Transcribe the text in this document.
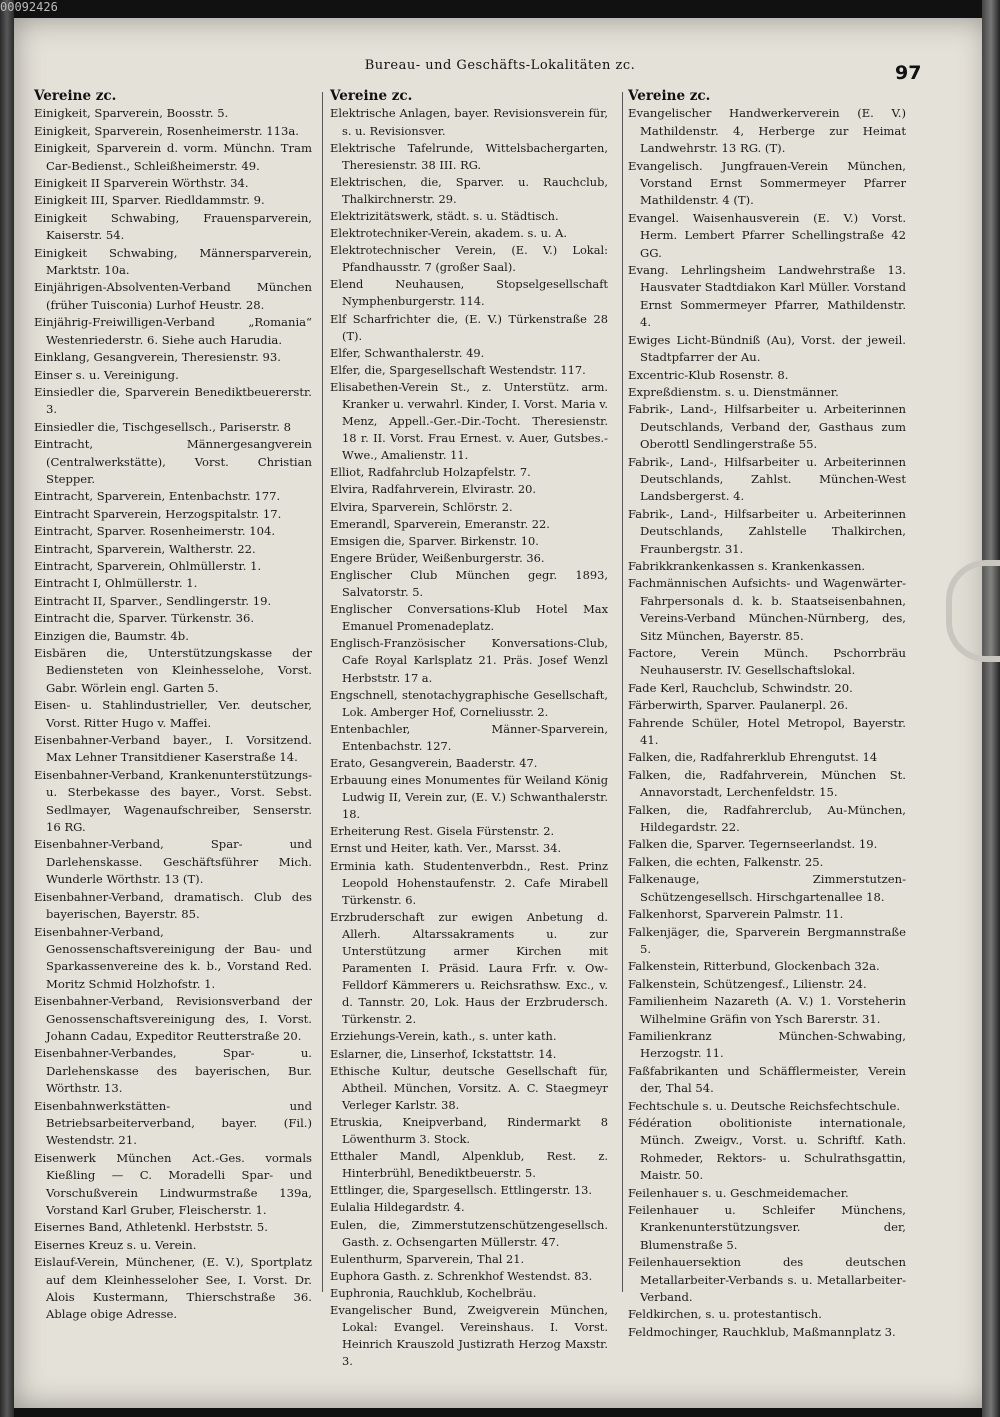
00092426
Bureau- und Geschäfts-Lokalitäten zc.	97
Vereine zc.
Einigkeit, Sparverein, Boosstr. 5.
Einigkeit, Sparverein, Rosenheimerstr. 113a.
Einigkeit, Sparverein d. vorm. Münchn. Tram Car-Bedienst., Schleißheimerstr. 49.
Einigkeit II Sparverein Wörthstr. 34.
Einigkeit III, Sparver. Riedldammstr. 9.
Einigkeit Schwabing, Frauensparverein, Kaiserstr. 54.
Einigkeit Schwabing, Männersparverein, Marktstr. 10a.
Einjährigen-Absolventen-Verband München (früher Tuisconia) Lurhof Heustr. 28.
Einjährig-Freiwilligen-Verband „Romania“ Westenriederstr. 6. Siehe auch Harudia.
Einklang, Gesangverein, Theresienstr. 93.
Einser s. u. Vereinigung.
Einsiedler die, Sparverein Benediktbeuererstr. 3.
Einsiedler die, Tischgesellsch., Pariserstr. 8
Eintracht, Männergesangverein (Centralwerkstätte), Vorst. Christian Stepper.
Eintracht, Sparverein, Entenbachstr. 177.
Eintracht Sparverein, Herzogspitalstr. 17.
Eintracht, Sparver. Rosenheimerstr. 104.
Eintracht, Sparverein, Waltherstr. 22.
Eintracht, Sparverein, Ohlmüllerstr. 1.
Eintracht I, Ohlmüllerstr. 1.
Eintracht II, Sparver., Sendlingerstr. 19.
Eintracht die, Sparver. Türkenstr. 36.
Einzigen die, Baumstr. 4b.
Eisbären die, Unterstützungskasse der Bediensteten von Kleinhesselohe, Vorst. Gabr. Wörlein engl. Garten 5.
Eisen- u. Stahlindustrieller, Ver. deutscher, Vorst. Ritter Hugo v. Maffei.
Eisenbahner-Verband bayer., I. Vorsitzend. Max Lehner Transitdiener Kaserstraße 14.
Eisenbahner-Verband, Krankenunterstützungs- u. Sterbekasse des bayer., Vorst. Sebst. Sedlmayer, Wagenaufschreiber, Senserstr. 16 RG.
Eisenbahner-Verband, Spar- und Darlehenskasse. Geschäftsführer Mich. Wunderle Wörthstr. 13 (T).
Eisenbahner-Verband, dramatisch. Club des bayerischen, Bayerstr. 85.
Eisenbahner-Verband, Genossenschaftsvereinigung der Bau- und Sparkassenvereine des k. b., Vorstand Red. Moritz Schmid Holzhofstr. 1.
Eisenbahner-Verband, Revisionsverband der Genossenschaftsvereinigung des, I. Vorst. Johann Cadau, Expeditor Reutterstraße 20.
Eisenbahner-Verbandes, Spar- u. Darlehenskasse des bayerischen, Bur. Wörthstr. 13.
Eisenbahnwerkstätten- und Betriebsarbeiterverband, bayer. (Fil.) Westendstr. 21.
Eisenwerk München Act.-Ges. vormals Kießling — C. Moradelli Spar- und Vorschußverein Lindwurmstraße 139a, Vorstand Karl Gruber, Fleischerstr. 1.
Eisernes Band, Athletenkl. Herbststr. 5.
Eisernes Kreuz s. u. Verein.
Eislauf-Verein, Münchener, (E. V.), Sportplatz auf dem Kleinhesseloher See, I. Vorst. Dr. Alois Kustermann, Thierschstraße 36. Ablage obige Adresse.
Vereine zc.
Elektrische Anlagen, bayer. Revisionsverein für, s. u. Revisionsver.
Elektrische Tafelrunde, Wittelsbachergarten, Theresienstr. 38 III. RG.
Elektrischen, die, Sparver. u. Rauchclub, Thalkirchnerstr. 29.
Elektrizitätswerk, städt. s. u. Städtisch.
Elektrotechniker-Verein, akadem. s. u. A.
Elektrotechnischer Verein, (E. V.) Lokal: Pfandhausstr. 7 (großer Saal).
Elend Neuhausen, Stopselgesellschaft Nymphenburgerstr. 114.
Elf Scharfrichter die, (E. V.) Türkenstraße 28 (T).
Elfer, Schwanthalerstr. 49.
Elfer, die, Spargesellschaft Westendstr. 117.
Elisabethen-Verein St., z. Unterstütz. arm. Kranker u. verwahrl. Kinder, I. Vorst. Maria v. Menz, Appell.-Ger.-Dir.-Tocht. Theresienstr. 18 r. II. Vorst. Frau Ernest. v. Auer, Gutsbes.-Wwe., Amalienstr. 11.
Elliot, Radfahrclub Holzapfelstr. 7.
Elvira, Radfahrverein, Elvirastr. 20.
Elvira, Sparverein, Schlörstr. 2.
Emerandl, Sparverein, Emeranstr. 22.
Emsigen die, Sparver. Birkenstr. 10.
Engere Brüder, Weißenburgerstr. 36.
Englischer Club München gegr. 1893, Salvatorstr. 5.
Englischer Conversations-Klub Hotel Max Emanuel Promenadeplatz.
Englisch-Französischer Konversations-Club, Cafe Royal Karlsplatz 21. Präs. Josef Wenzl Herbststr. 17 a.
Engschnell, stenotachygraphische Gesellschaft, Lok. Amberger Hof, Corneliusstr. 2.
Entenbachler, Männer-Sparverein, Entenbachstr. 127.
Erato, Gesangverein, Baaderstr. 47.
Erbauung eines Monumentes für Weiland König Ludwig II, Verein zur, (E. V.) Schwanthalerstr. 18.
Erheiterung Rest. Gisela Fürstenstr. 2.
Ernst und Heiter, kath. Ver., Marsst. 34.
Erminia kath. Studentenverbdn., Rest. Prinz Leopold Hohenstaufenstr. 2. Cafe Mirabell Türkenstr. 6.
Erzbruderschaft zur ewigen Anbetung d. Allerh. Altarssakraments u. zur Unterstützung armer Kirchen mit Paramenten I. Präsid. Laura Frfr. v. Ow-Felldorf Kämmerers u. Reichsrathsw. Exc., v. d. Tannstr. 20, Lok. Haus der Erzbrudersch. Türkenstr. 2.
Erziehungs-Verein, kath., s. unter kath.
Eslarner, die, Linserhof, Ickstattstr. 14.
Ethische Kultur, deutsche Gesellschaft für, Abtheil. München, Vorsitz. A. C. Staegmeyr Verleger Karlstr. 38.
Etruskia, Kneipverband, Rindermarkt 8 Löwenthurm 3. Stock.
Etthaler Mandl, Alpenklub, Rest. z. Hinterbrühl, Benediktbeuerstr. 5.
Ettlinger, die, Spargesellsch. Ettlingerstr. 13.
Eulalia Hildegardstr. 4.
Eulen, die, Zimmerstutzenschützengesellsch. Gasth. z. Ochsengarten Müllerstr. 47.
Eulenthurm, Sparverein, Thal 21.
Euphora Gasth. z. Schrenkhof Westendst. 83.
Euphronia, Rauchklub, Kochelbräu.
Evangelischer Bund, Zweigverein München, Lokal: Evangel. Vereinshaus. I. Vorst. Heinrich Krauszold Justizrath Herzog Maxstr. 3.
Vereine zc.
Evangelischer Handwerkerverein (E. V.) Mathildenstr. 4, Herberge zur Heimat Landwehrstr. 13 RG. (T).
Evangelisch. Jungfrauen-Verein München, Vorstand Ernst Sommermeyer Pfarrer Mathildenstr. 4 (T).
Evangel. Waisenhausverein (E. V.) Vorst. Herm. Lembert Pfarrer Schellingstraße 42 GG.
Evang. Lehrlingsheim Landwehrstraße 13. Hausvater Stadtdiakon Karl Müller. Vorstand Ernst Sommermeyer Pfarrer, Mathildenstr. 4.
Ewiges Licht-Bündniß (Au), Vorst. der jeweil. Stadtpfarrer der Au.
Excentric-Klub Rosenstr. 8.
Expreßdienstm. s. u. Dienstmänner.
Fabrik-, Land-, Hilfsarbeiter u. Arbeiterinnen Deutschlands, Verband der, Gasthaus zum Oberottl Sendlingerstraße 55.
Fabrik-, Land-, Hilfsarbeiter u. Arbeiterinnen Deutschlands, Zahlst. München-West Landsbergerst. 4.
Fabrik-, Land-, Hilfsarbeiter u. Arbeiterinnen Deutschlands, Zahlstelle Thalkirchen, Fraunbergstr. 31.
Fabrikkrankenkassen s. Krankenkassen.
Fachmännischen Aufsichts- und Wagenwärter-Fahrpersonals d. k. b. Staatseisenbahnen, Vereins-Verband München-Nürnberg, des, Sitz München, Bayerstr. 85.
Factore, Verein Münch. Pschorrbräu Neuhauserstr. IV. Gesellschaftslokal.
Fade Kerl, Rauchclub, Schwindstr. 20.
Färberwirth, Sparver. Paulanerpl. 26.
Fahrende Schüler, Hotel Metropol, Bayerstr. 41.
Falken, die, Radfahrerklub Ehrengutst. 14
Falken, die, Radfahrverein, München St. Annavorstadt, Lerchenfeldstr. 15.
Falken, die, Radfahrerclub, Au-München, Hildegardstr. 22.
Falken die, Sparver. Tegernseerlandst. 19.
Falken, die echten, Falkenstr. 25.
Falkenauge, Zimmerstutzen-Schützengesellsch. Hirschgartenallee 18.
Falkenhorst, Sparverein Palmstr. 11.
Falkenjäger, die, Sparverein Bergmannstraße 5.
Falkenstein, Ritterbund, Glockenbach 32a.
Falkenstein, Schützengesf., Lilienstr. 24.
Familienheim Nazareth (A. V.) 1. Vorsteherin Wilhelmine Gräfin von Ysch Barerstr. 31.
Familienkranz München-Schwabing, Herzogstr. 11.
Faßfabrikanten und Schäfflermeister, Verein der, Thal 54.
Fechtschule s. u. Deutsche Reichsfechtschule.
Fédération obolitioniste internationale, Münch. Zweigv., Vorst. u. Schriftf. Kath. Rohmeder, Rektors- u. Schulrathsgattin, Maistr. 50.
Feilenhauer s. u. Geschmeidemacher.
Feilenhauer u. Schleifer Münchens, Krankenunterstützungsver. der, Blumenstraße 5.
Feilenhauersektion des deutschen Metallarbeiter-Verbands s. u. Metallarbeiter-Verband.
Feldkirchen, s. u. protestantisch.
Feldmochinger, Rauchklub, Maßmannplatz 3.
